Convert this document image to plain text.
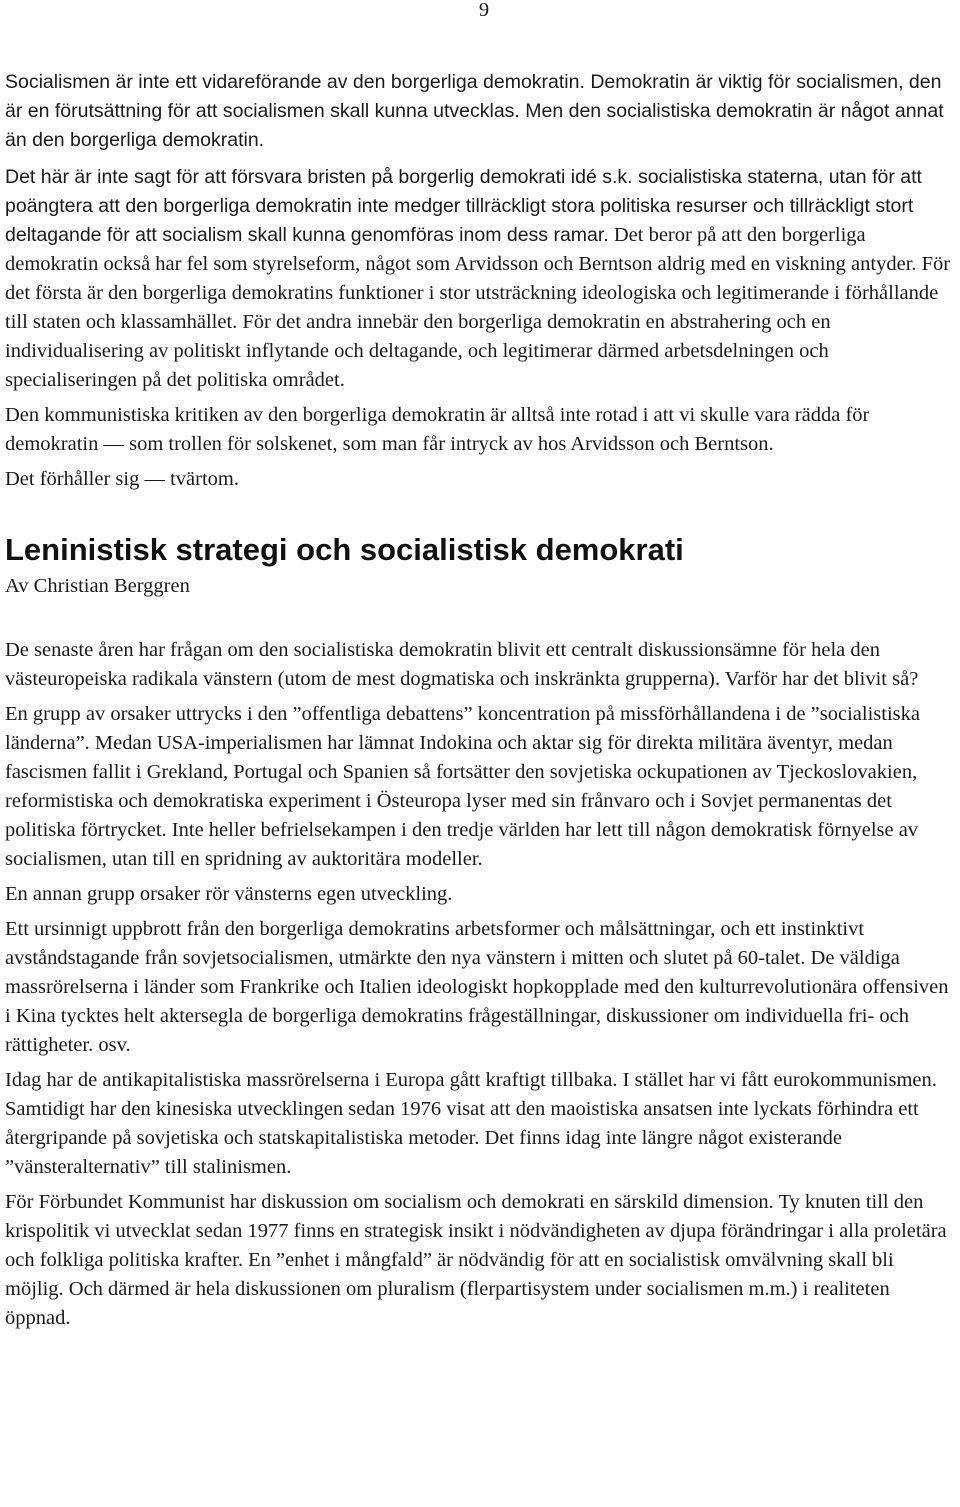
9

Socialismen är inte ett vidareförande av den borgerliga demokratin. Demokratin är viktig för socialismen, den är en förutsättning för att socialismen skall kunna utvecklas. Men den socialistiska demokratin är något annat än den borgerliga demokratin.

Det här är inte sagt för att försvara bristen på borgerlig demokrati idé s.k. socialistiska staterna, utan för att poängtera att den borgerliga demokratin inte medger tillräckligt stora politiska resurser och tillräckligt stort deltagande för att socialism skall kunna genomföras inom dess ramar. Det beror på att den borgerliga demokratin också har fel som styrelseform, något som Arvidsson och Berntson aldrig med en viskning antyder. För det första är den borgerliga demokratins funktioner i stor utsträckning ideologiska och legitimerande i förhållande till staten och klassamhället. För det andra innebär den borgerliga demokratin en abstrahering och en individualisering av politiskt inflytande och deltagande, och legitimerar därmed arbetsdelningen och specialiseringen på det politiska området.

Den kommunistiska kritiken av den borgerliga demokratin är alltså inte rotad i att vi skulle vara rädda för demokratin — som trollen för solskenet, som man får intryck av hos Arvidsson och Berntson.

Det förhåller sig — tvärtom.

Leninistisk strategi och socialistisk demokrati

Av Christian Berggren

De senaste åren har frågan om den socialistiska demokratin blivit ett centralt diskussionsämne för hela den västeuropeiska radikala vänstern (utom de mest dogmatiska och inskränkta grupperna). Varför har det blivit så?

En grupp av orsaker uttrycks i den ”offentliga debattens” koncentration på missförhållandena i de ”socialistiska länderna”. Medan USA-imperialismen har lämnat Indokina och aktar sig för direkta militära äventyr, medan fascismen fallit i Grekland, Portugal och Spanien så fortsätter den sovjetiska ockupationen av Tjeckoslovakien, reformistiska och demokratiska experiment i Östeuropa lyser med sin frånvaro och i Sovjet permanentas det politiska förtrycket. Inte heller befrielsekampen i den tredje världen har lett till någon demokratisk förnyelse av socialismen, utan till en spridning av auktoritära modeller.

En annan grupp orsaker rör vänsterns egen utveckling.

Ett ursinnigt uppbrott från den borgerliga demokratins arbetsformer och målsättningar, och ett instinktivt avståndstagande från sovjetsocialismen, utmärkte den nya vänstern i mitten och slutet på 60-talet. De väldiga massrörelserna i länder som Frankrike och Italien ideologiskt hopkopplade med den kulturrevolutionära offensiven i Kina tycktes helt aktersegla de borgerliga demokratins frågeställningar, diskussioner om individuella fri- och rättigheter. osv.

Idag har de antikapitalistiska massrörelserna i Europa gått kraftigt tillbaka. I stället har vi fått eurokommunismen. Samtidigt har den kinesiska utvecklingen sedan 1976 visat att den maoistiska ansatsen inte lyckats förhindra ett återgripande på sovjetiska och statskapitalistiska metoder. Det finns idag inte längre något existerande ”vänsteralternativ” till stalinismen.

För Förbundet Kommunist har diskussion om socialism och demokrati en särskild dimension. Ty knuten till den krispolitik vi utvecklat sedan 1977 finns en strategisk insikt i nödvändigheten av djupa förändringar i alla proletära och folkliga politiska krafter. En ”enhet i mångfald” är nödvändig för att en socialistisk omvälvning skall bli möjlig. Och därmed är hela diskussionen om pluralism (flerpartisystem under socialismen m.m.) i realiteten öppnad.
